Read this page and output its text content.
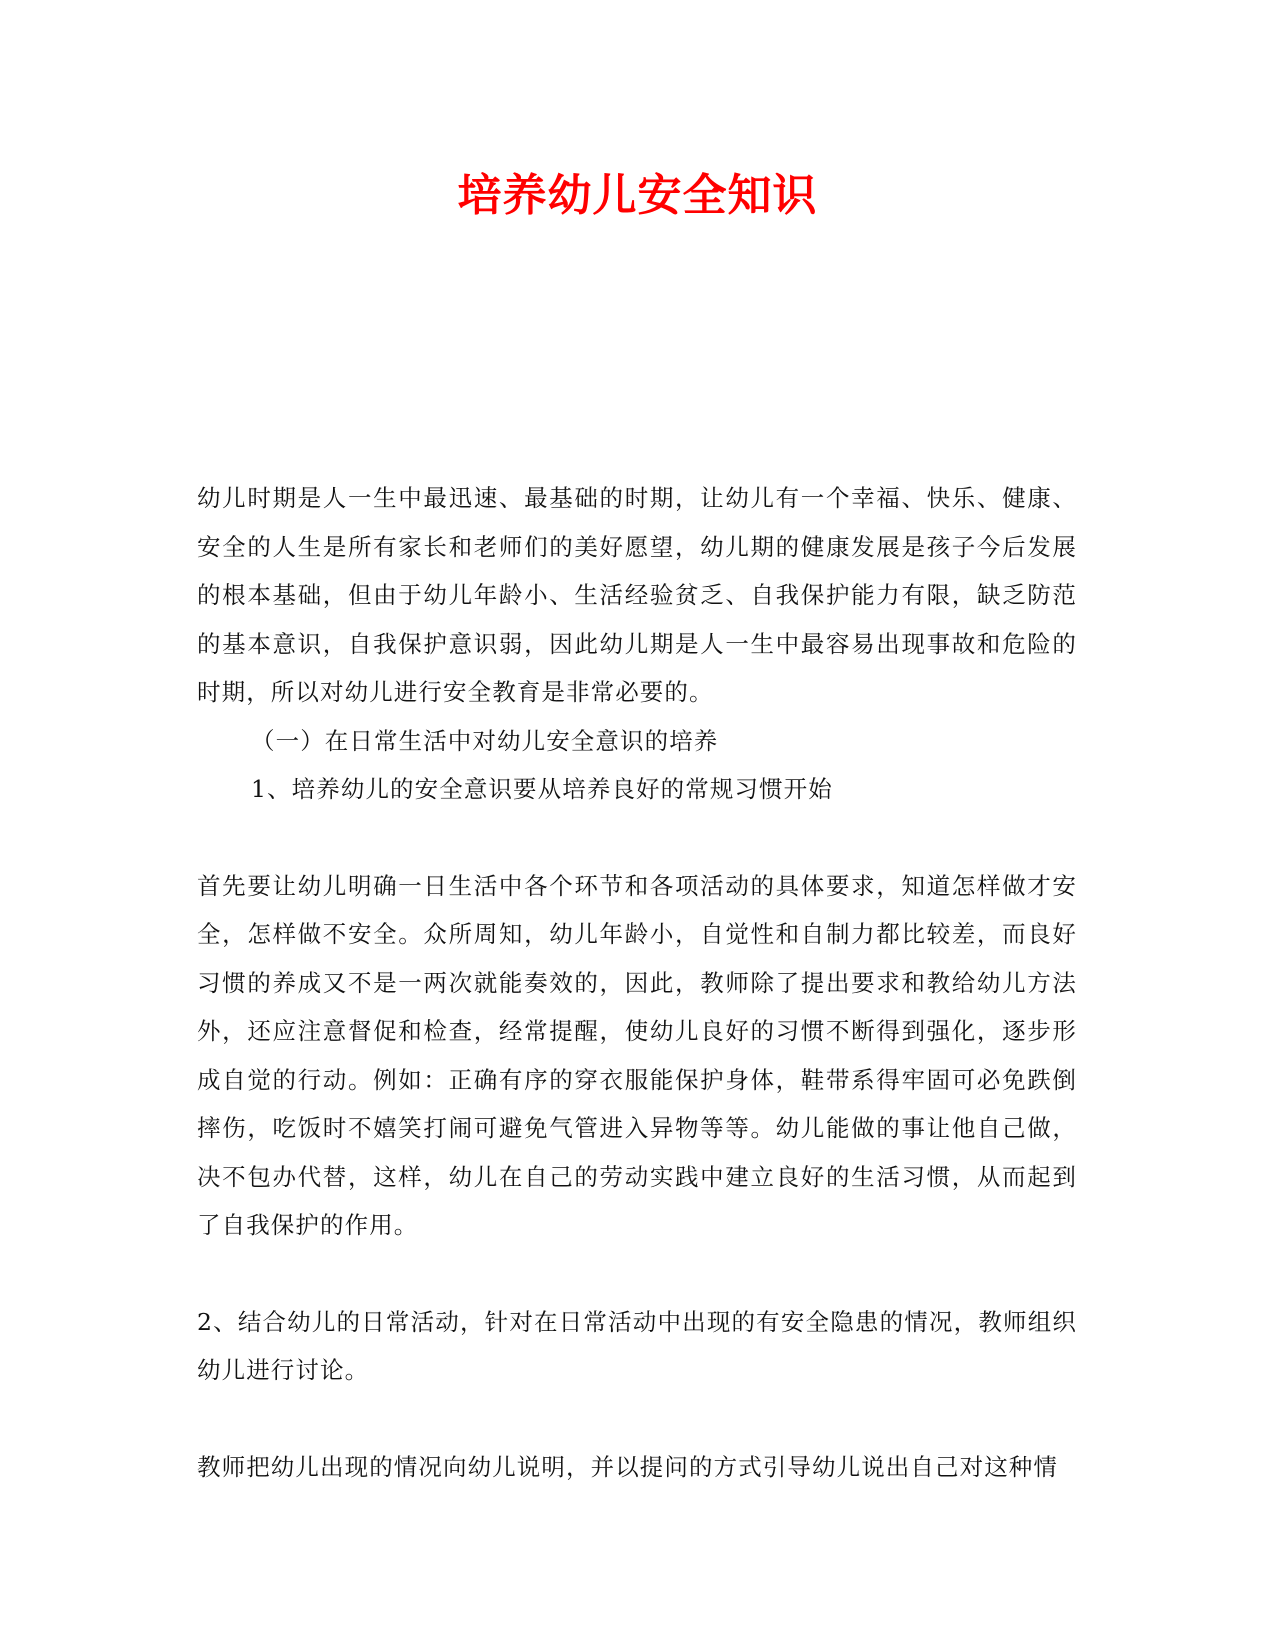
培养幼儿安全知识

幼儿时期是人一生中最迅速、最基础的时期，让幼儿有一个幸福、快乐、健康、安全的人生是所有家长和老师们的美好愿望，幼儿期的健康发展是孩子今后发展的根本基础，但由于幼儿年龄小、生活经验贫乏、自我保护能力有限，缺乏防范的基本意识，自我保护意识弱，因此幼儿期是人一生中最容易出现事故和危险的时期，所以对幼儿进行安全教育是非常必要的。

（一）在日常生活中对幼儿安全意识的培养

1、培养幼儿的安全意识要从培养良好的常规习惯开始

首先要让幼儿明确一日生活中各个环节和各项活动的具体要求，知道怎样做才安全，怎样做不安全。众所周知，幼儿年龄小，自觉性和自制力都比较差，而良好习惯的养成又不是一两次就能奏效的，因此，教师除了提出要求和教给幼儿方法外，还应注意督促和检查，经常提醒，使幼儿良好的习惯不断得到强化，逐步形成自觉的行动。例如：正确有序的穿衣服能保护身体，鞋带系得牢固可必免跌倒摔伤，吃饭时不嬉笑打闹可避免气管进入异物等等。幼儿能做的事让他自己做，决不包办代替，这样，幼儿在自己的劳动实践中建立良好的生活习惯，从而起到了自我保护的作用。

2、结合幼儿的日常活动，针对在日常活动中出现的有安全隐患的情况，教师组织幼儿进行讨论。

教师把幼儿出现的情况向幼儿说明，并以提问的方式引导幼儿说出自己对这种情
